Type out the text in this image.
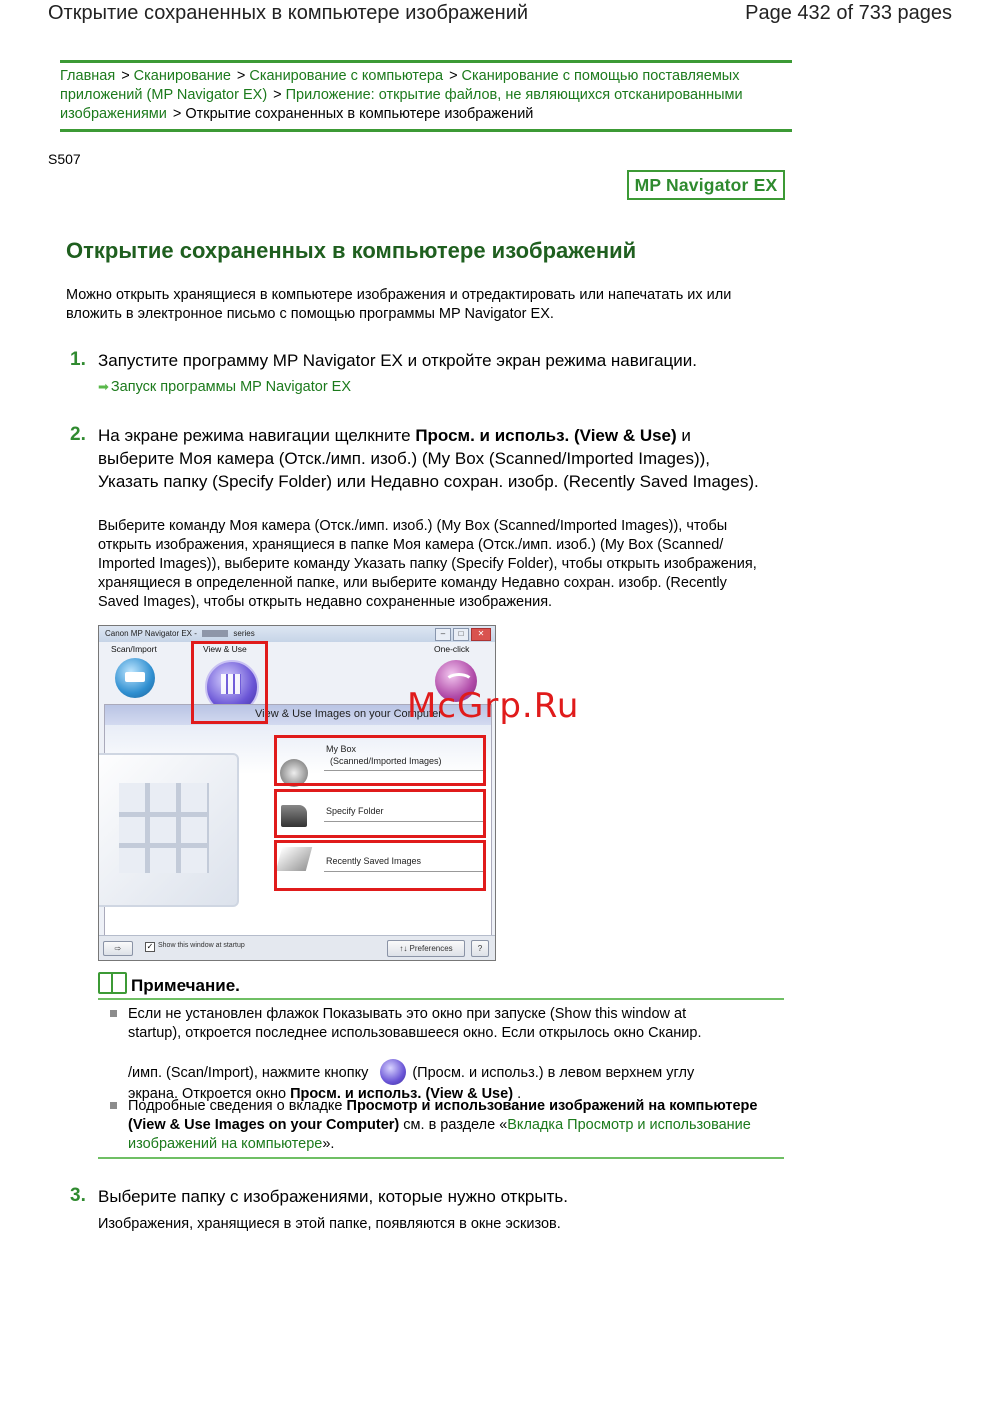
Открытие сохраненных в компьютере изображений	Page 432 of 733 pages
Главная > Сканирование > Сканирование с компьютера > Сканирование с помощью поставляемых приложений (MP Navigator EX) > Приложение: открытие файлов, не являющихся отсканированными изображениями > Открытие сохраненных в компьютере изображений
S507
MP Navigator EX
Открытие сохраненных в компьютере изображений
Можно открыть хранящиеся в компьютере изображения и отредактировать или напечатать их или вложить в электронное письмо с помощью программы MP Navigator EX.
1. Запустите программу MP Navigator EX и откройте экран режима навигации.
➡ Запуск программы MP Navigator EX
2. На экране режима навигации щелкните Просм. и использ. (View & Use) и выберите Моя камера (Отск./имп. изоб.) (My Box (Scanned/Imported Images)), Указать папку (Specify Folder) или Недавно сохран. изобр. (Recently Saved Images).
Выберите команду Моя камера (Отск./имп. изоб.) (My Box (Scanned/Imported Images)), чтобы открыть изображения, хранящиеся в папке Моя камера (Отск./имп. изоб.) (My Box (Scanned/ Imported Images)), выберите команду Указать папку (Specify Folder), чтобы открыть изображения, хранящиеся в определенной папке, или выберите команду Недавно сохран. изобр. (Recently Saved Images), чтобы открыть недавно сохраненные изображения.
Canon MP Navigator EX -	series	–	□	✕
Scan/Import	View & Use	One-click
View & Use Images on your Computer
My Box
(Scanned/Imported Images)
Specify Folder
Recently Saved Images
⇨	✓ Show this window at startup	↑↓ Preferences	?
McGrp.Ru
Примечание.
Если не установлен флажок Показывать это окно при запуске (Show this window at startup), откроется последнее использовавшееся окно. Если открылось окно Сканир.
/имп. (Scan/Import), нажмите кнопку	(Просм. и использ.) в левом верхнем углу
экрана. Откроется окно Просм. и использ. (View & Use) .
Подробные сведения о вкладке Просмотр и использование изображений на компьютере (View & Use Images on your Computer) см. в разделе «Вкладка Просмотр и использование изображений на компьютере».
3. Выберите папку с изображениями, которые нужно открыть.
Изображения, хранящиеся в этой папке, появляются в окне эскизов.
